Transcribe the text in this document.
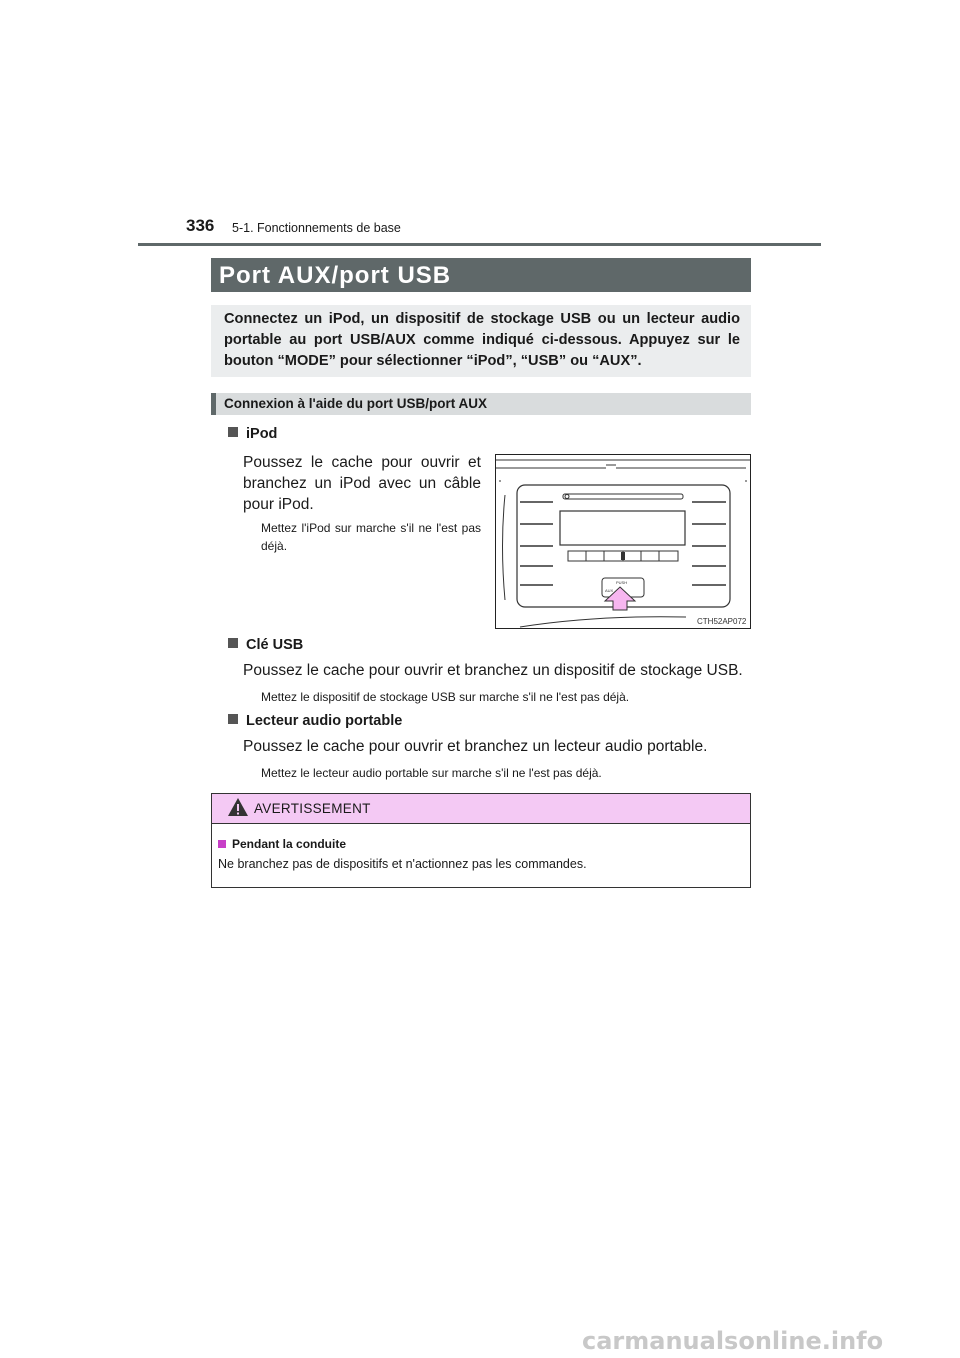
336 5-1. Fonctionnements de base
Port AUX/port USB
Connectez un iPod, un dispositif de stockage USB ou un lecteur audio portable au port USB/AUX comme indiqué ci-dessous. Appuyez sur le bouton “MODE” pour sélectionner “iPod”, “USB” ou “AUX”.
Connexion à l'aide du port USB/port AUX
iPod
Poussez le cache pour ouvrir et branchez un iPod avec un câble pour iPod.
Mettez l'iPod sur marche s'il ne l'est pas déjà.
PUSH
AUX
CTH52AP072
Clé USB
Poussez le cache pour ouvrir et branchez un dispositif de stockage USB.
Mettez le dispositif de stockage USB sur marche s'il ne l'est pas déjà.
Lecteur audio portable
Poussez le cache pour ouvrir et branchez un lecteur audio portable.
Mettez le lecteur audio portable sur marche s'il ne l'est pas déjà.
AVERTISSEMENT
Pendant la conduite
Ne branchez pas de dispositifs et n'actionnez pas les commandes.
carmanualsonline.info
